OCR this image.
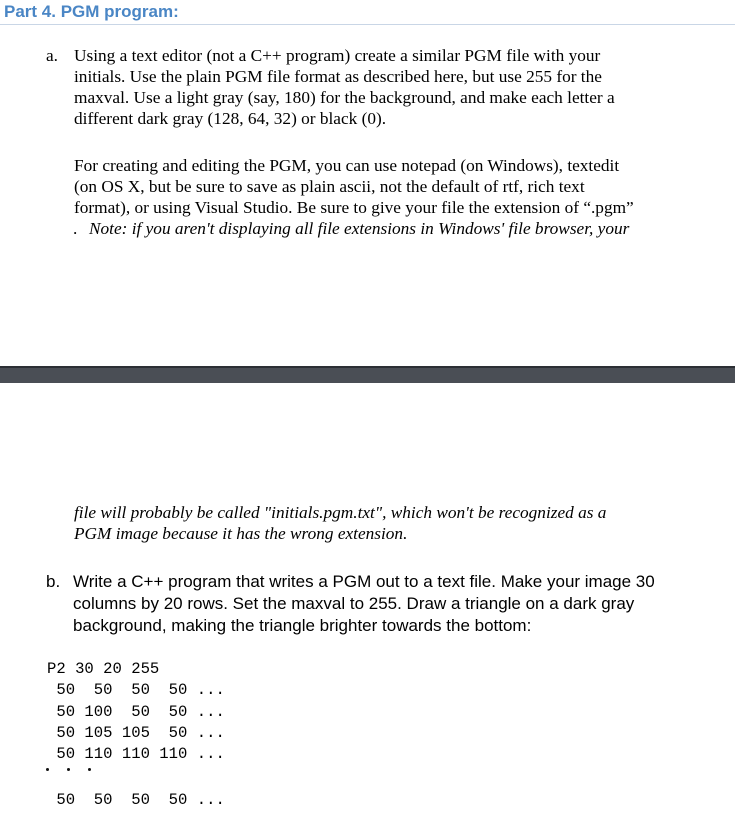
Part 4. PGM program:
a. Using a text editor (not a C++ program) create a similar PGM file with your
initials. Use the plain PGM file format as described here, but use 255 for the
maxval. Use a light gray (say, 180) for the background, and make each letter a
different dark gray (128, 64, 32) or black (0).
For creating and editing the PGM, you can use notepad (on Windows), textedit
(on OS X, but be sure to save as plain ascii, not the default of rtf, rich text
format), or using Visual Studio. Be sure to give your file the extension of “.pgm”
. Note: if you aren't displaying all file extensions in Windows' file browser, your
file will probably be called "initials.pgm.txt", which won't be recognized as a
PGM image because it has the wrong extension.
b. Write a C++ program that writes a PGM out to a text file. Make your image 30
columns by 20 rows. Set the maxval to 255. Draw a triangle on a dark gray
background, making the triangle brighter towards the bottom:
P2 30 20 255
50  50  50  50 ...
50 100  50  50 ...
50 105 105  50 ...
50 110 110 110 ...
50  50  50  50 ...
